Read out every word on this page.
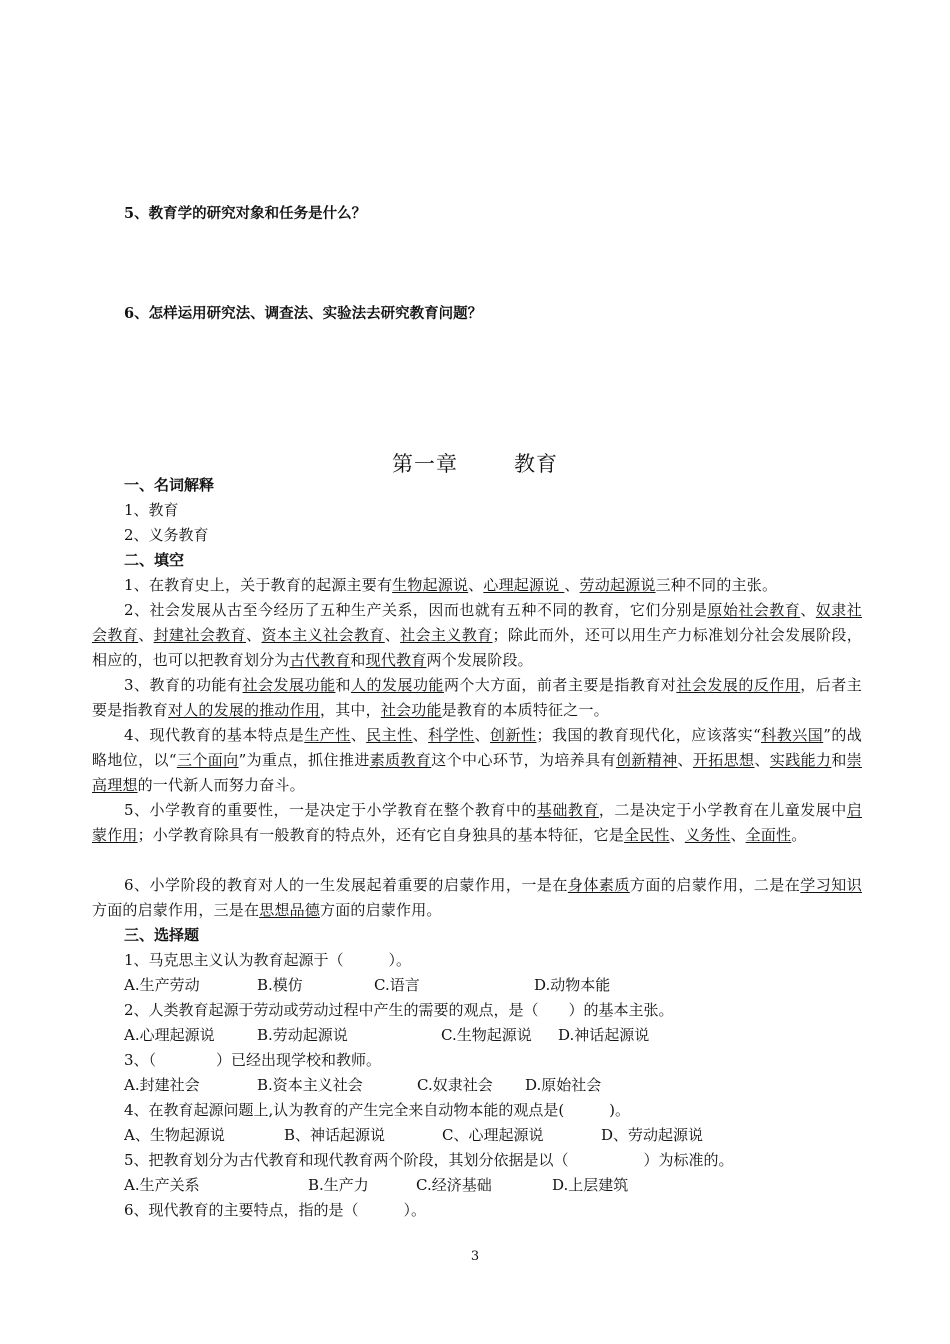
5、教育学的研究对象和任务是什么？
6、怎样运用研究法、调查法、实验法去研究教育问题？
第一章	教育
一、名词解释
1、教育
2、义务教育
二、填空
1、在教育史上，关于教育的起源主要有生物起源说、心理起源说 、劳动起源说三种不同的主张。
2、社会发展从古至今经历了五种生产关系，因而也就有五种不同的教育，它们分别是原始社会教育、奴隶社会教育、封建社会教育、资本主义社会教育、社会主义教育；除此而外，还可以用生产力标准划分社会发展阶段，相应的，也可以把教育划分为古代教育和现代教育两个发展阶段。
3、教育的功能有社会发展功能和人的发展功能两个大方面，前者主要是指教育对社会发展的反作用，后者主要是指教育对人的发展的推动作用，其中，社会功能是教育的本质特征之一。
4、现代教育的基本特点是生产性、民主性、科学性、创新性；我国的教育现代化，应该落实“科教兴国”的战略地位，以“三个面向”为重点，抓住推进素质教育这个中心环节，为培养具有创新精神、开拓思想、实践能力和崇高理想的一代新人而努力奋斗。
5、小学教育的重要性，一是决定于小学教育在整个教育中的基础教育，二是决定于小学教育在儿童发展中启蒙作用；小学教育除具有一般教育的特点外，还有它自身独具的基本特征，它是全民性、义务性、全面性。
6、小学阶段的教育对人的一生发展起着重要的启蒙作用，一是在身体素质方面的启蒙作用，二是在学习知识方面的启蒙作用，三是在思想品德方面的启蒙作用。
三、选择题
1、马克思主义认为教育起源于（　　　）。
A.生产劳动	B.模仿	C.语言	D.动物本能
2、人类教育起源于劳动或劳动过程中产生的需要的观点，是（　　）的基本主张。
A.心理起源说	B.劳动起源说	C.生物起源说 D.神话起源说
3、（　　　　）已经出现学校和教师。
A.封建社会	B.资本主义社会	C.奴隶社会 D.原始社会
4、在教育起源问题上,认为教育的产生完全来自动物本能的观点是(　　　)。
A、生物起源说	B、神话起源说	C、心理起源说	D、劳动起源说
5、把教育划分为古代教育和现代教育两个阶段，其划分依据是以（　　　　　）为标准的。
A.生产关系	B.生产力	C.经济基础	D.上层建筑
6、现代教育的主要特点，指的是（　　　）。
3
